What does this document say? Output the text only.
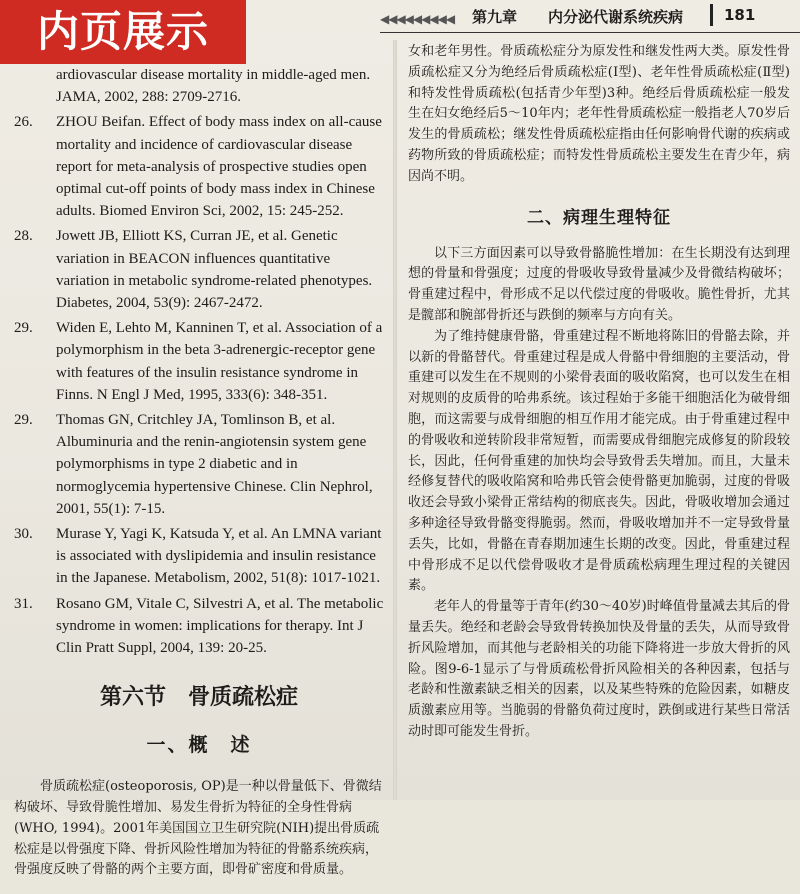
内页展示	◀◀◀◀◀◀◀◀◀	第九章 内分泌代谢系统疾病	181
ardiovascular disease mortality in middle-aged men. JAMA, 2002, 288: 2709-2716.
26.	ZHOU Beifan. Effect of body mass index on all-cause mortality and incidence of cardiovascular disease report for meta-analysis of prospective studies open optimal cut-off points of body mass index in Chinese adults. Biomed Environ Sci, 2002, 15: 245-252.
28.	Jowett JB, Elliott KS, Curran JE, et al. Genetic variation in BEACON influences quantitative variation in metabolic syndrome-related phenotypes. Diabetes, 2004, 53(9): 2467-2472.
29.	Widen E, Lehto M, Kanninen T, et al. Association of a polymorphism in the beta 3-adrenergic-receptor gene with features of the insulin resistance syndrome in Finns. N Engl J Med, 1995, 333(6): 348-351.
29.	Thomas GN, Critchley JA, Tomlinson B, et al. Albuminuria and the renin-angiotensin system gene polymorphisms in type 2 diabetic and in normoglycemia hypertensive Chinese. Clin Nephrol, 2001, 55(1): 7-15.
30.	Murase Y, Yagi K, Katsuda Y, et al. An LMNA variant is associated with dyslipidemia and insulin resistance in the Japanese. Metabolism, 2002, 51(8): 1017-1021.
31.	Rosano GM, Vitale C, Silvestri A, et al. The metabolic syndrome in women: implications for therapy. Int J Clin Pratt Suppl, 2004, 139: 20-25.
第六节　骨质疏松症
一、概　述

骨质疏松症(osteoporosis, OP)是一种以骨量低下、骨微结构破坏、导致骨脆性增加、易发生骨折为特征的全身性骨病(WHO, 1994)。2001年美国国立卫生研究院(NIH)提出骨质疏松症是以骨强度下降、骨折风险性增加为特征的骨骼系统疾病，骨强度反映了骨骼的两个主要方面，即骨矿密度和骨质量。

女和老年男性。骨质疏松症分为原发性和继发性两大类。原发性骨质疏松症又分为绝经后骨质疏松症(Ⅰ型)、老年性骨质疏松症(Ⅱ型)和特发性骨质疏松(包括青少年型)3种。绝经后骨质疏松症一般发生在妇女绝经后5～10年内；老年性骨质疏松症一般指老人70岁后发生的骨质疏松；继发性骨质疏松症指由任何影响骨代谢的疾病或药物所致的骨质疏松症；而特发性骨质疏松主要发生在青少年，病因尚不明。

二、病理生理特征

以下三方面因素可以导致骨骼脆性增加：在生长期没有达到理想的骨量和骨强度；过度的骨吸收导致骨量减少及骨微结构破坏；骨重建过程中，骨形成不足以代偿过度的骨吸收。脆性骨折，尤其是髋部和腕部骨折还与跌倒的频率与方向有关。

为了维持健康骨骼，骨重建过程不断地将陈旧的骨骼去除，并以新的骨骼替代。骨重建过程是成人骨骼中骨细胞的主要活动，骨重建可以发生在不规则的小梁骨表面的吸收陷窝，也可以发生在相对规则的皮质骨的哈弗系统。该过程始于多能干细胞活化为破骨细胞，而这需要与成骨细胞的相互作用才能完成。由于骨重建过程中的骨吸收和逆转阶段非常短暂，而需要成骨细胞完成修复的阶段较长，因此，任何骨重建的加快均会导致骨丢失增加。而且，大量未经修复替代的吸收陷窝和哈弗氏管会使骨骼更加脆弱，过度的骨吸收还会导致小梁骨正常结构的彻底丧失。因此，骨吸收增加会通过多种途径导致骨骼变得脆弱。然而，骨吸收增加并不一定导致骨量丢失，比如，骨骼在青春期加速生长期的改变。因此，骨重建过程中骨形成不足以代偿骨吸收才是骨质疏松病理生理过程的关键因素。

老年人的骨量等于青年(约30～40岁)时峰值骨量减去其后的骨量丢失。绝经和老龄会导致骨转换加快及骨量的丢失，从而导致骨折风险增加，而其他与老龄相关的功能下降将进一步放大骨折的风险。图9-6-1显示了与骨质疏松骨折风险相关的各种因素，包括与老龄和性激素缺乏相关的因素，以及某些特殊的危险因素，如糖皮质激素应用等。当脆弱的骨骼负荷过度时，跌倒或进行某些日常活动时即可能发生骨折。
